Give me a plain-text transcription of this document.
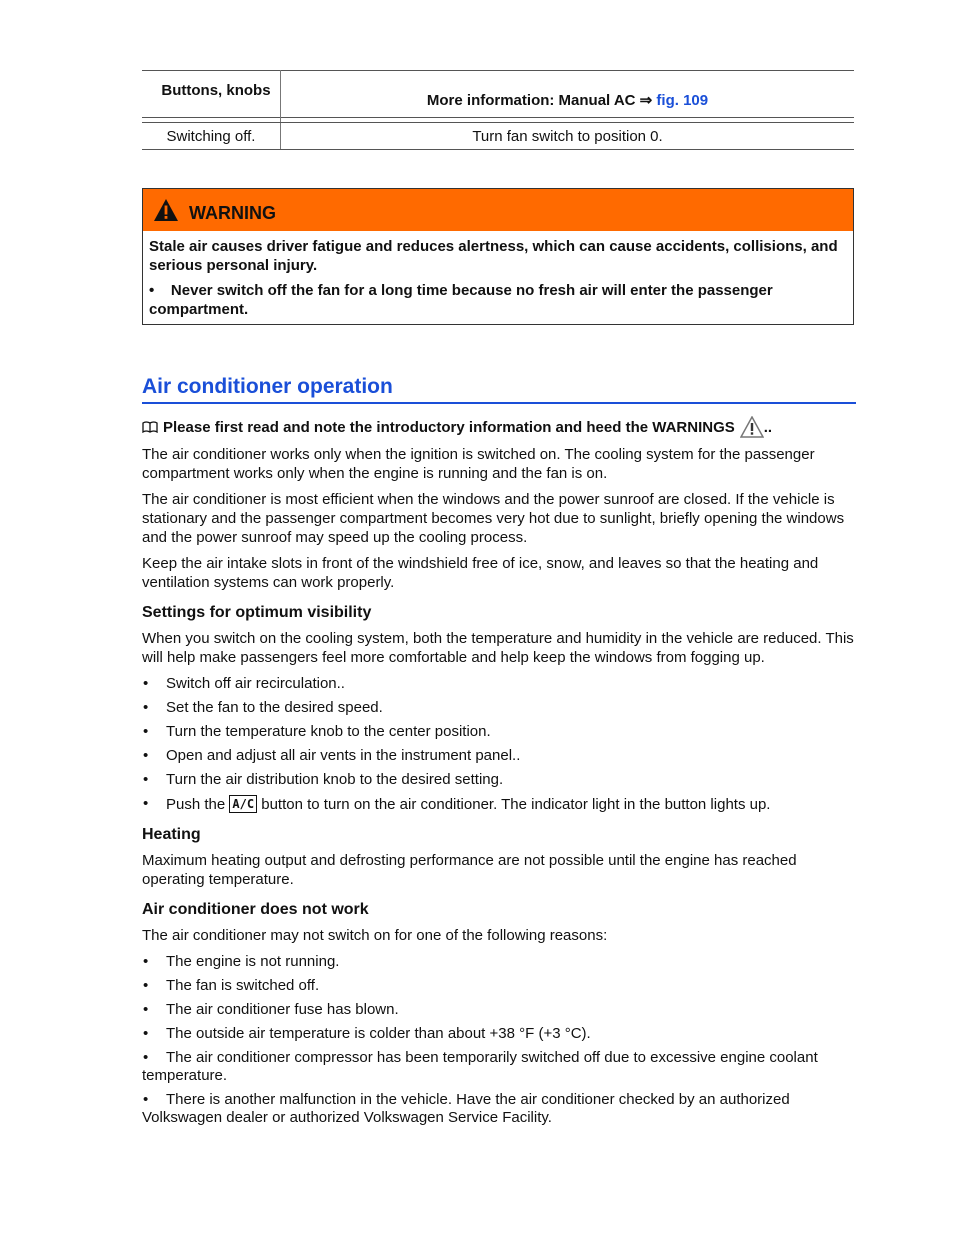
Buttons, knobs	More information: Manual AC ⇒ fig. 109

Switching off.	Turn fan switch to position 0.
WARNING

Stale air causes driver fatigue and reduces alertness, which can cause accidents, collisions, and serious personal injury.

•    Never switch off the fan for a long time because no fresh air will enter the passenger compartment.

Air conditioner operation
Please first read and note the introductory information and heed the WARNINGS ..

The air conditioner works only when the ignition is switched on. The cooling system for the passenger compartment works only when the engine is running and the fan is on.

The air conditioner is most efficient when the windows and the power sunroof are closed. If the vehicle is stationary and the passenger compartment becomes very hot due to sunlight, briefly opening the windows and the power sunroof may speed up the cooling process.

Keep the air intake slots in front of the windshield free of ice, snow, and leaves so that the heating and ventilation systems can work properly.

Settings for optimum visibility

When you switch on the cooling system, both the temperature and humidity in the vehicle are reduced. This will help make passengers feel more comfortable and help keep the windows from fogging up.

• Switch off air recirculation..
• Set the fan to the desired speed.
• Turn the temperature knob to the center position.
• Open and adjust all air vents in the instrument panel..
• Turn the air distribution knob to the desired setting.
• Push the A/C button to turn on the air conditioner. The indicator light in the button lights up.
Heating

Maximum heating output and defrosting performance are not possible until the engine has reached operating temperature.

Air conditioner does not work

The air conditioner may not switch on for one of the following reasons:

• The engine is not running.
• The fan is switched off.
• The air conditioner fuse has blown.
• The outside air temperature is colder than about +38 °F (+3 °C).
• The air conditioner compressor has been temporarily switched off due to excessive engine coolant temperature.
• There is another malfunction in the vehicle. Have the air conditioner checked by an authorized Volkswagen dealer or authorized Volkswagen Service Facility.
